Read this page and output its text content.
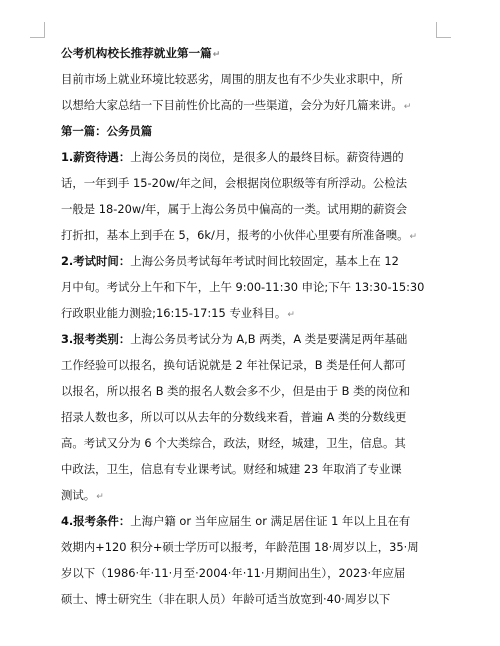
公考机构校长推荐就业第一篇↵
目前市场上就业环境比较恶劣，周围的朋友也有不少失业求职中，所
以想给大家总结一下目前性价比高的一些渠道，会分为好几篇来讲。↵
第一篇：公务员篇
1.薪资待遇：上海公务员的岗位，是很多人的最终目标。薪资待遇的
话，一年到手 15-20w/年之间，会根据岗位职级等有所浮动。公检法
一般是 18-20w/年，属于上海公务员中偏高的一类。试用期的薪资会
打折扣，基本上到手在 5，6k/月，报考的小伙伴心里要有所准备噢。↵
2.考试时间：上海公务员考试每年考试时间比较固定，基本上在 12
月中旬。考试分上午和下午，上午 9:00-11:30 申论;下午 13:30-15:30
行政职业能力测验;16:15-17:15 专业科目。↵
3.报考类别：上海公务员考试分为 A,B 两类，A 类是要满足两年基础
工作经验可以报名，换句话说就是 2 年社保记录，B 类是任何人都可
以报名，所以报名 B 类的报名人数会多不少，但是由于 B 类的岗位和
招录人数也多，所以可以从去年的分数线来看，普遍 A 类的分数线更
高。考试又分为 6 个大类综合，政法，财经，城建，卫生，信息。其
中政法，卫生，信息有专业课考试。财经和城建 23 年取消了专业课
测试。↵
4.报考条件：上海户籍 or 当年应届生 or 满足居住证 1 年以上且在有
效期内+120 积分+硕士学历可以报考，年龄范围 18·周岁以上，35·周
岁以下（1986·年·11·月至·2004·年·11·月期间出生），2023·年应届
硕士、博士研究生（非在职人员）年龄可适当放宽到·40·周岁以下
